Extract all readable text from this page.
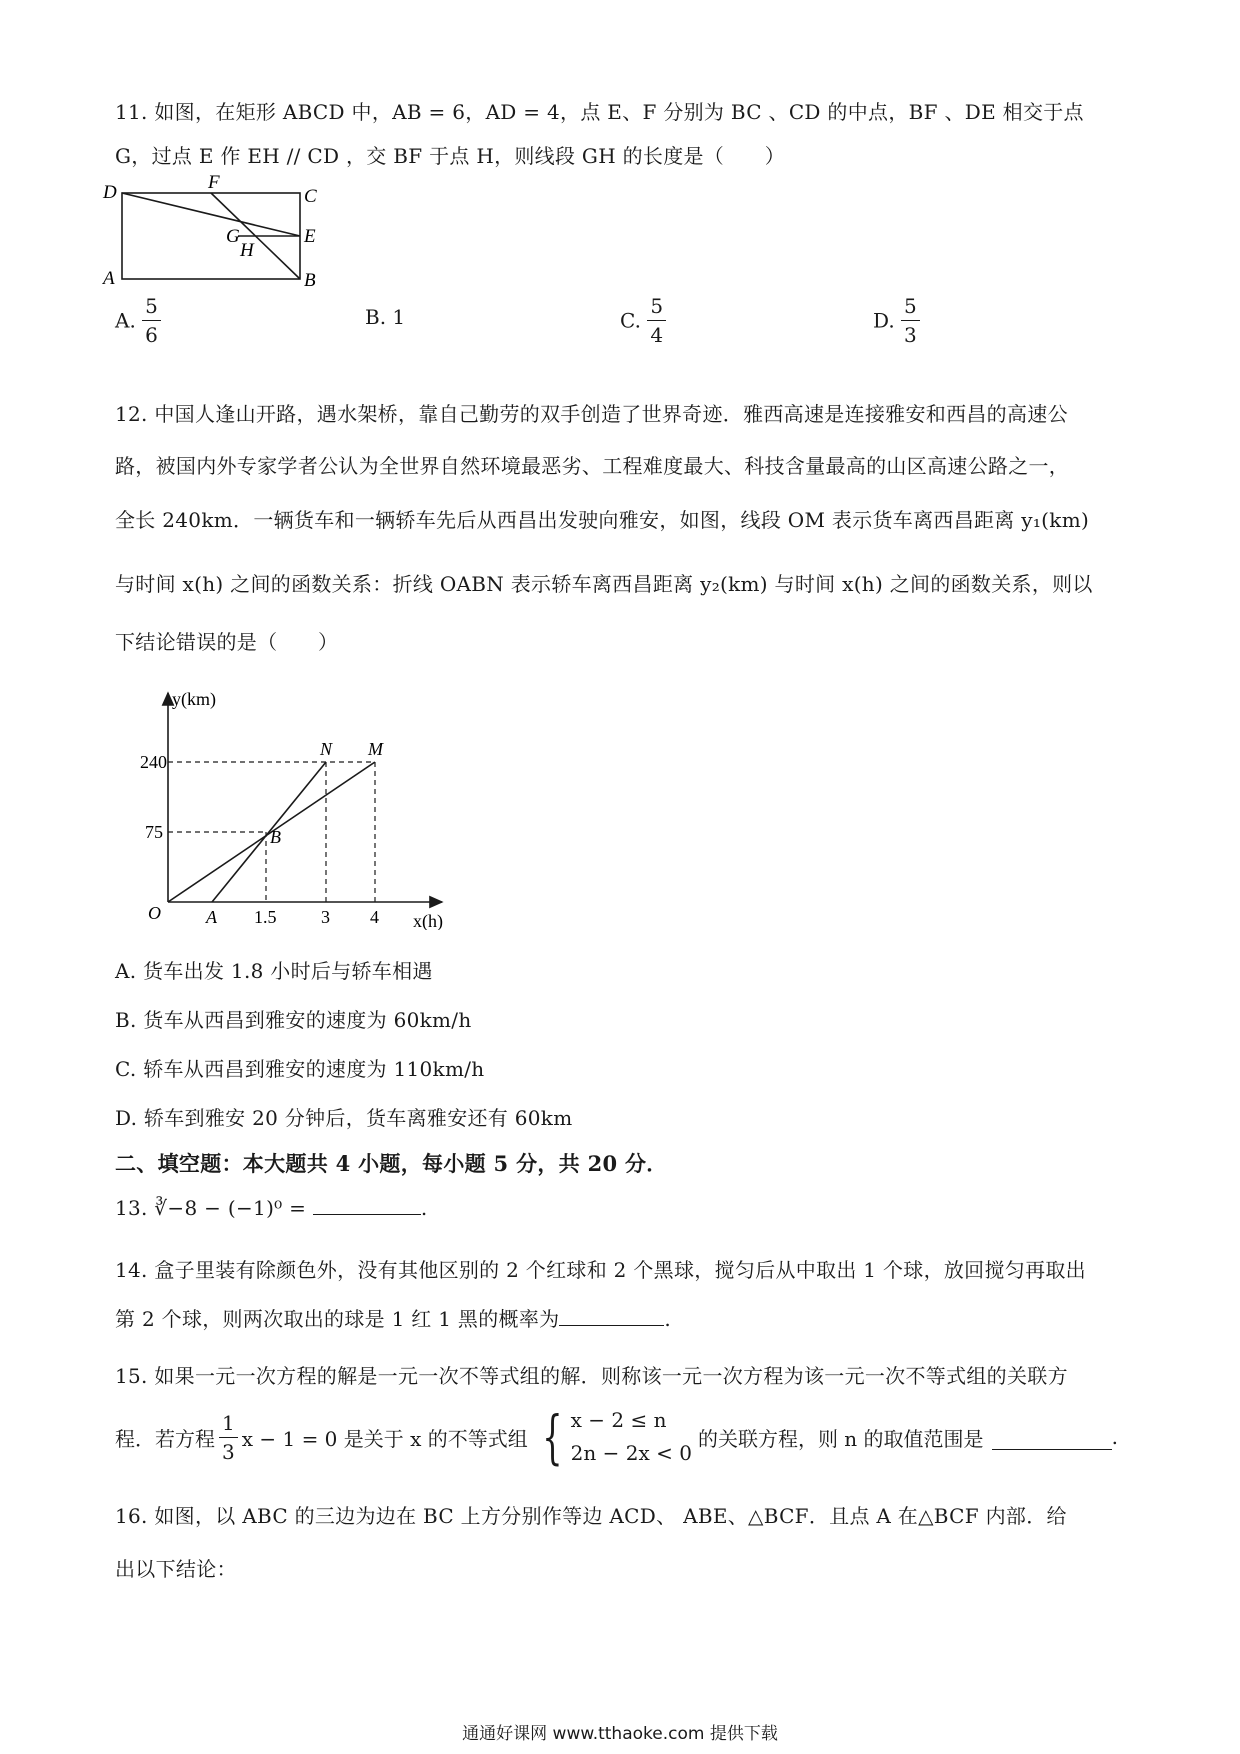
11. 如图，在矩形 ABCD 中，AB = 6，AD = 4，点 E、F 分别为 BC 、CD 的中点，BF 、DE 相交于点
G，过点 E 作 EH // CD ，交 BF 于点 H，则线段 GH 的长度是（　　）
D	F
C
G	E
H
A	B
A. $\frac{5}{6}$	B. 1	C. $\frac{5}{4}$	D. $\frac{5}{3}$
12. 中国人逢山开路，遇水架桥，靠自己勤劳的双手创造了世界奇迹．雅西高速是连接雅安和西昌的高速公
路，被国内外专家学者公认为全世界自然环境最恶劣、工程难度最大、科技含量最高的山区高速公路之一，
全长 240km．一辆货车和一辆轿车先后从西昌出发驶向雅安，如图，线段 OM 表示货车离西昌距离 y₁(km)
与时间 x(h) 之间的函数关系：折线 OABN 表示轿车离西昌距离 y₂(km) 与时间 x(h) 之间的函数关系，则以
下结论错误的是（　　）
y(km)
240
75
O	A 1.5 3 4 x(h)
N M
B
A. 货车出发 1.8 小时后与轿车相遇
B. 货车从西昌到雅安的速度为 60km/h
C. 轿车从西昌到雅安的速度为 110km/h
D. 轿车到雅安 20 分钟后，货车离雅安还有 60km
二、填空题：本大题共 4 小题，每小题 5 分，共 20 分．
13. ∛−8 − (−1)⁰ =	.
14. 盒子里装有除颜色外，没有其他区别的 2 个红球和 2 个黑球，搅匀后从中取出 1 个球，放回搅匀再取出
第 2 个球，则两次取出的球是 1 红 1 黑的概率为	.
15. 如果一元一次方程的解是一元一次不等式组的解．则称该一元一次方程为该一元一次不等式组的关联方
程．若方程 $\frac{1}{3}$ x − 1 = 0 是关于 x 的不等式组 { x − 2 ≤ n
2n − 2x < 0
的关联方程，则 n 的取值范围是	.
16. 如图，以 ABC 的三边为边在 BC 上方分别作等边 ACD、 ABE、△BCF．且点 A 在△BCF 内部．给
出以下结论：
通通好课网 www.tthaoke.com 提供下载
